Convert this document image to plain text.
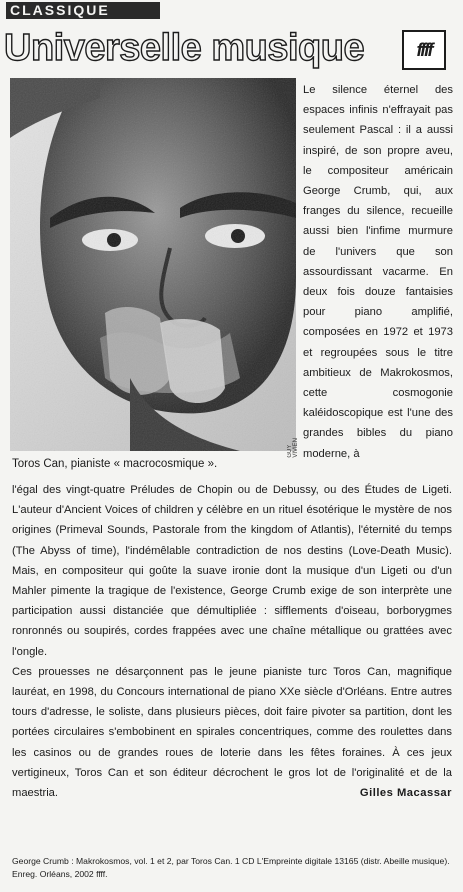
CLASSIQUE
Universelle musique	ffff
GUY VIVIEN
Toros Can, pianiste « macrocosmique ».

Le silence éternel des espaces infinis n'effrayait pas seulement Pascal : il a aussi inspiré, de son propre aveu, le compositeur américain George Crumb, qui, aux franges du silence, recueille aussi bien l'infime murmure de l'univers que son assourdissant vacarme. En deux fois douze fantaisies pour piano amplifié, composées en 1972 et 1973 et regroupées sous le titre ambitieux de Makrokosmos, cette cosmogonie kaléidoscopique est l'une des grandes bibles du piano moderne, à

l'égal des vingt-quatre Préludes de Chopin ou de Debussy, ou des Études de Ligeti. L'auteur d'Ancient Voices of children y célèbre en un rituel ésotérique le mystère de nos origines (Primeval Sounds, Pastorale from the kingdom of Atlantis), l'éternité du temps (The Abyss of time), l'indémêlable contradiction de nos destins (Love-Death Music). Mais, en compositeur qui goûte la suave ironie dont la musique d'un Ligeti ou d'un Mahler pimente la tragique de l'existence, George Crumb exige de son interprète une participation aussi distanciée que démultipliée : sifflements d'oiseau, borborygmes ronronnés ou soupirés, cordes frappées avec une chaîne métallique ou grattées avec l'ongle.

Ces prouesses ne désarçonnent pas le jeune pianiste turc Toros Can, magnifique lauréat, en 1998, du Concours international de piano XXe siècle d'Orléans. Entre autres tours d'adresse, le soliste, dans plusieurs pièces, doit faire pivoter sa partition, dont les portées circulaires s'embobinent en spirales concentriques, comme des roulettes dans les casinos ou de grandes roues de loterie dans les fêtes foraines. À ces jeux vertigineux, Toros Can et son éditeur décrochent le gros lot de l'originalité et de la maestria.	Gilles Macassar

George Crumb : Makrokosmos, vol. 1 et 2, par Toros Can. 1 CD L'Empreinte digitale 13165 (distr. Abeille musique). Enreg. Orléans, 2002 ffff.
